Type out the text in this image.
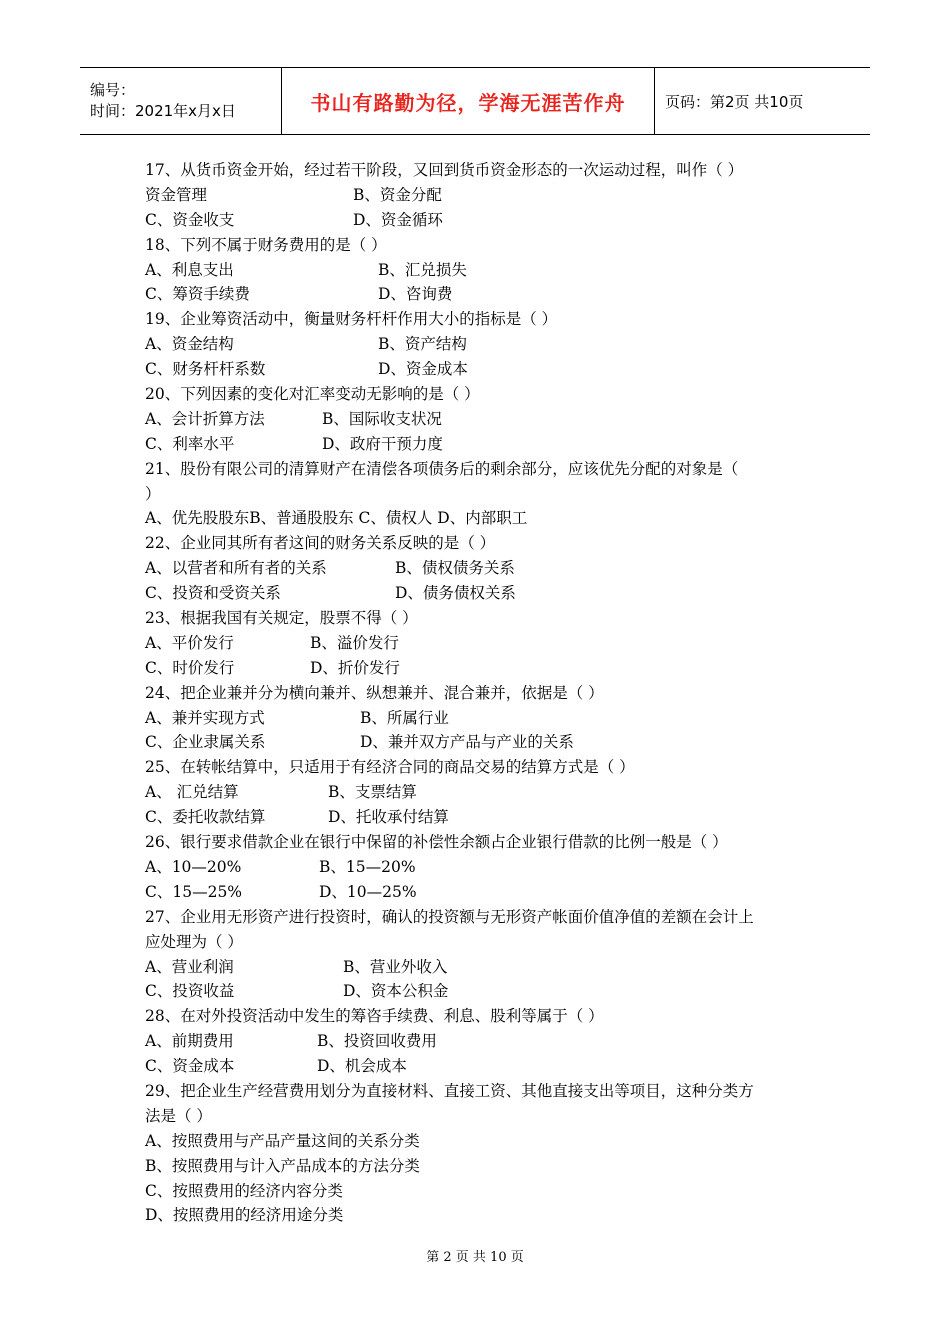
编号：
时间：2021年x月x日	书山有路勤为径，学海无涯苦作舟	页码：第2页 共10页
17、从货币资金开始，经过若干阶段，又回到货币资金形态的一次运动过程，叫作（ ）
资金管理	B、资金分配
C、资金收支	D、资金循环
18、下列不属于财务费用的是（ ）
A、利息支出	B、汇兑损失
C、筹资手续费	D、咨询费
19、企业筹资活动中，衡量财务杆杆作用大小的指标是（ ）
A、资金结构	B、资产结构
C、财务杆杆系数	D、资金成本
20、下列因素的变化对汇率变动无影响的是（ ）
A、会计折算方法	B、国际收支状况
C、利率水平	D、政府干预力度
21、股份有限公司的清算财产在清偿各项债务后的剩余部分，应该优先分配的对象是（
）
A、优先股股东B、普通股股东 C、债权人 D、内部职工
22、企业同其所有者这间的财务关系反映的是（ ）
A、以营者和所有者的关系	B、债权债务关系
C、投资和受资关系	D、债务债权关系
23、根据我国有关规定，股票不得（ ）
A、平价发行	B、溢价发行
C、时价发行	D、折价发行
24、把企业兼并分为横向兼并、纵想兼并、混合兼并，依据是（ ）
A、兼并实现方式	B、所属行业
C、企业隶属关系	D、兼并双方产品与产业的关系
25、在转帐结算中，只适用于有经济合同的商品交易的结算方式是（ ）
A、 汇兑结算	B、支票结算
C、委托收款结算	D、托收承付结算
26、银行要求借款企业在银行中保留的补偿性余额占企业银行借款的比例一般是（ ）
A、10—20%	B、15—20%
C、15—25%	D、10—25%
27、企业用无形资产进行投资时，确认的投资额与无形资产帐面价值净值的差额在会计上
应处理为（ ）
A、营业利润	B、营业外收入
C、投资收益	D、资本公积金
28、在对外投资活动中发生的筹咨手续费、利息、股利等属于（ ）
A、前期费用	B、投资回收费用
C、资金成本	D、机会成本
29、把企业生产经营费用划分为直接材料、直接工资、其他直接支出等项目，这种分类方
法是（ ）
A、按照费用与产品产量这间的关系分类
B、按照费用与计入产品成本的方法分类
C、按照费用的经济内容分类
D、按照费用的经济用途分类
第 2 页 共 10 页
